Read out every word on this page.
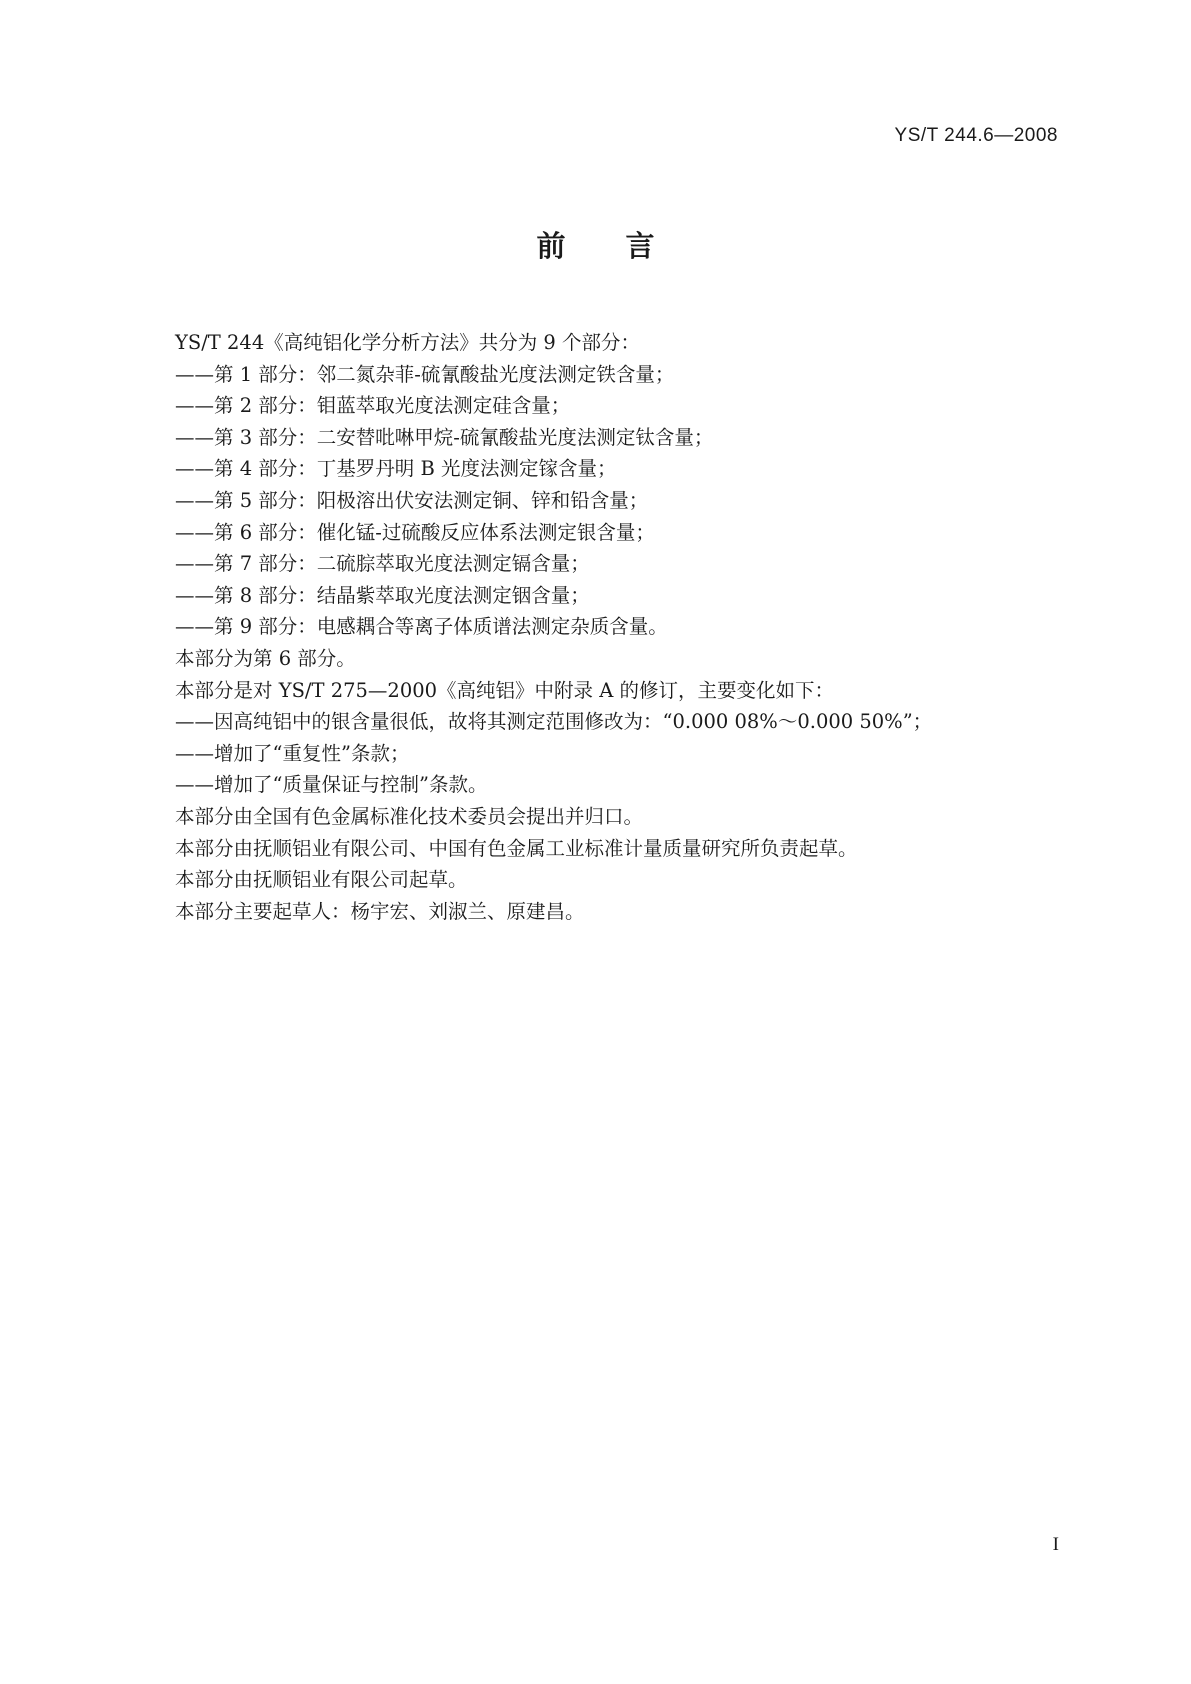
YS/T 244.6—2008
前言
YS/T 244《高纯铝化学分析方法》共分为 9 个部分：
——第 1 部分：邻二氮杂菲-硫氰酸盐光度法测定铁含量；
——第 2 部分：钼蓝萃取光度法测定硅含量；
——第 3 部分：二安替吡啉甲烷-硫氰酸盐光度法测定钛含量；
——第 4 部分：丁基罗丹明 B 光度法测定镓含量；
——第 5 部分：阳极溶出伏安法测定铜、锌和铅含量；
——第 6 部分：催化锰-过硫酸反应体系法测定银含量；
——第 7 部分：二硫腙萃取光度法测定镉含量；
——第 8 部分：结晶紫萃取光度法测定铟含量；
——第 9 部分：电感耦合等离子体质谱法测定杂质含量。
本部分为第 6 部分。
本部分是对 YS/T 275—2000《高纯铝》中附录 A 的修订，主要变化如下：
——因高纯铝中的银含量很低，故将其测定范围修改为：“0.000 08%～0.000 50%”；
——增加了“重复性”条款；
——增加了“质量保证与控制”条款。
本部分由全国有色金属标准化技术委员会提出并归口。
本部分由抚顺铝业有限公司、中国有色金属工业标准计量质量研究所负责起草。
本部分由抚顺铝业有限公司起草。
本部分主要起草人：杨宇宏、刘淑兰、原建昌。
I
